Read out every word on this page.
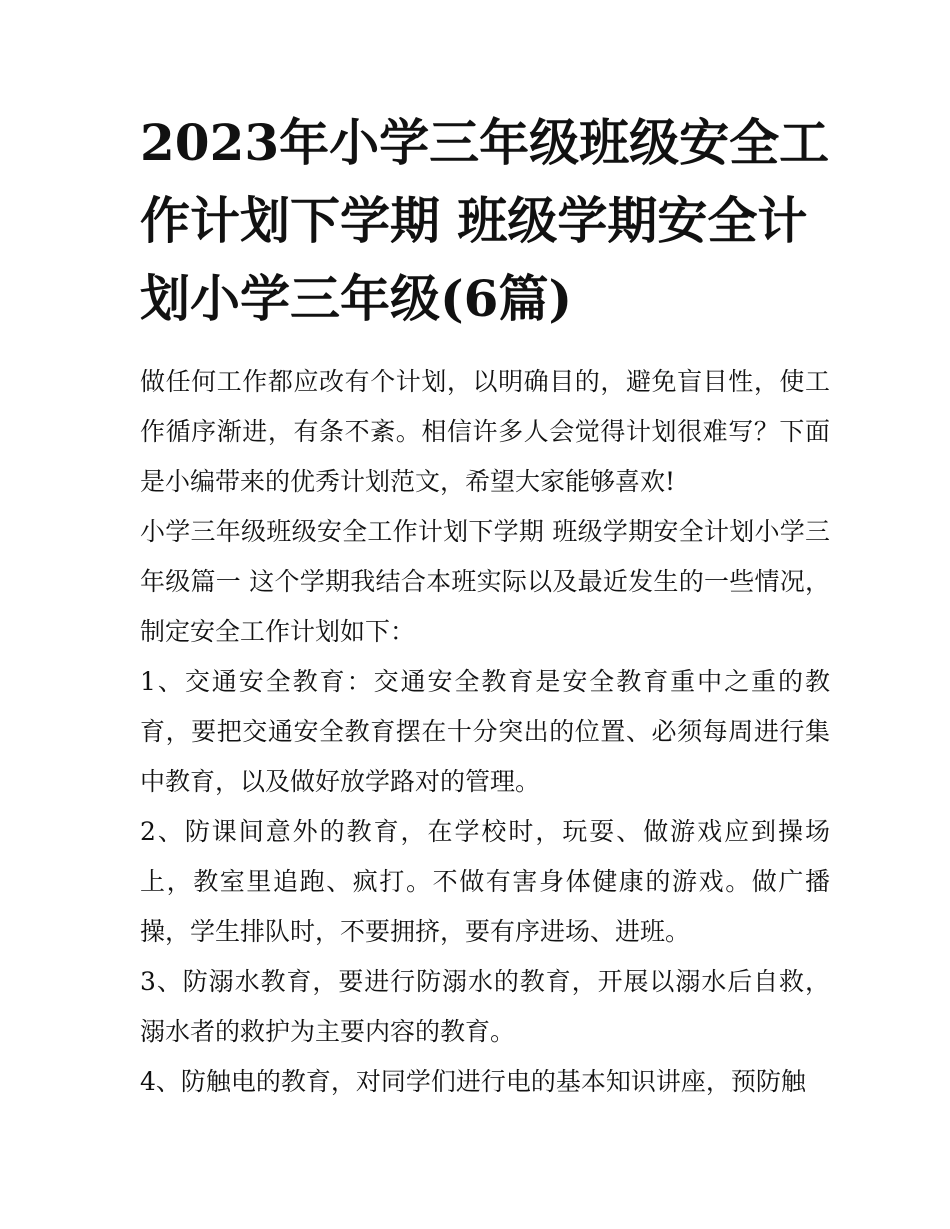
2023年小学三年级班级安全工作计划下学期 班级学期安全计划小学三年级(6篇)

做任何工作都应改有个计划，以明确目的，避免盲目性，使工作循序渐进，有条不紊。相信许多人会觉得计划很难写？下面是小编带来的优秀计划范文，希望大家能够喜欢!

小学三年级班级安全工作计划下学期 班级学期安全计划小学三年级篇一 这个学期我结合本班实际以及最近发生的一些情况，制定安全工作计划如下：

1、交通安全教育：交通安全教育是安全教育重中之重的教育，要把交通安全教育摆在十分突出的位置、必须每周进行集中教育，以及做好放学路对的管理。

2、防课间意外的教育，在学校时，玩耍、做游戏应到操场上，教室里追跑、疯打。不做有害身体健康的游戏。做广播操，学生排队时，不要拥挤，要有序进场、进班。

3、防溺水教育，要进行防溺水的教育，开展以溺水后自救，溺水者的救护为主要内容的教育。

4、防触电的教育，对同学们进行电的基本知识讲座，预防触
